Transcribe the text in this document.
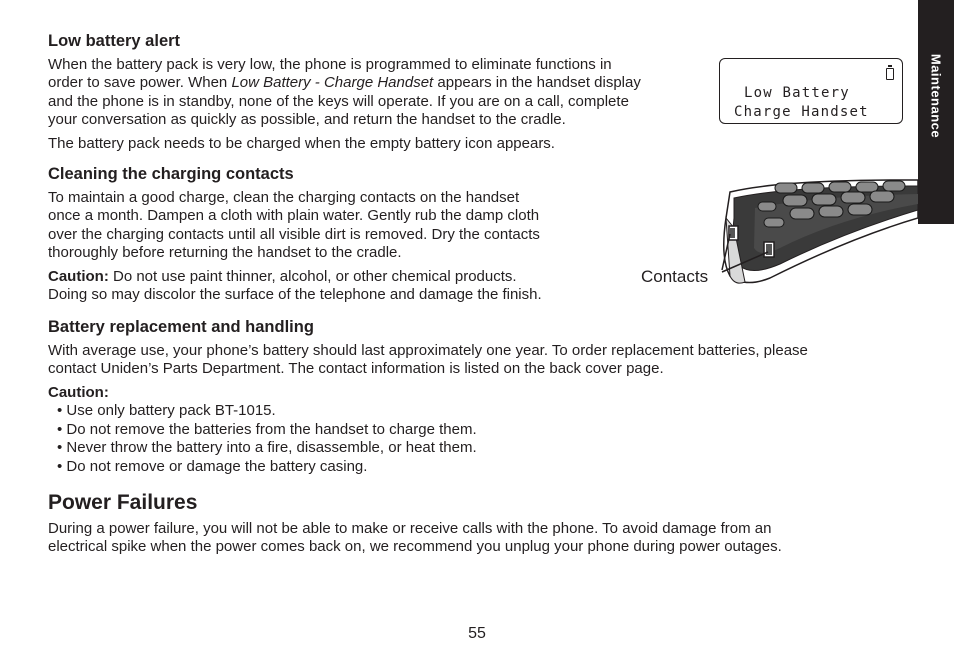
Maintenance
Low battery alert
When the battery pack is very low, the phone is programmed to eliminate functions in
order to save power. When Low Battery - Charge Handset appears in the handset display
and the phone is in standby, none of the keys will operate. If you are on a call, complete
your conversation as quickly as possible, and return the handset to the cradle.
The battery pack needs to be charged when the empty battery icon appears.
Low Battery
Charge Handset
Cleaning the charging contacts
To maintain a good charge, clean the charging contacts on the handset
once a month. Dampen a cloth with plain water. Gently rub the damp cloth
over the charging contacts until all visible dirt is removed. Dry the contacts
thoroughly before returning the handset to the cradle.
Caution: Do not use paint thinner, alcohol, or other chemical products.
Doing so may discolor the surface of the telephone and damage the finish.
Contacts
Battery replacement and handling
With average use, your phone’s battery should last approximately one year. To order replacement batteries, please
contact Uniden’s Parts Department. The contact information is listed on the back cover page.
Caution:
• Use only battery pack BT-1015.
• Do not remove the batteries from the handset to charge them.
• Never throw the battery into a fire, disassemble, or heat them.
• Do not remove or damage the battery casing.
Power Failures
During a power failure, you will not be able to make or receive calls with the phone. To avoid damage from an
electrical spike when the power comes back on, we recommend you unplug your phone during power outages.
55
